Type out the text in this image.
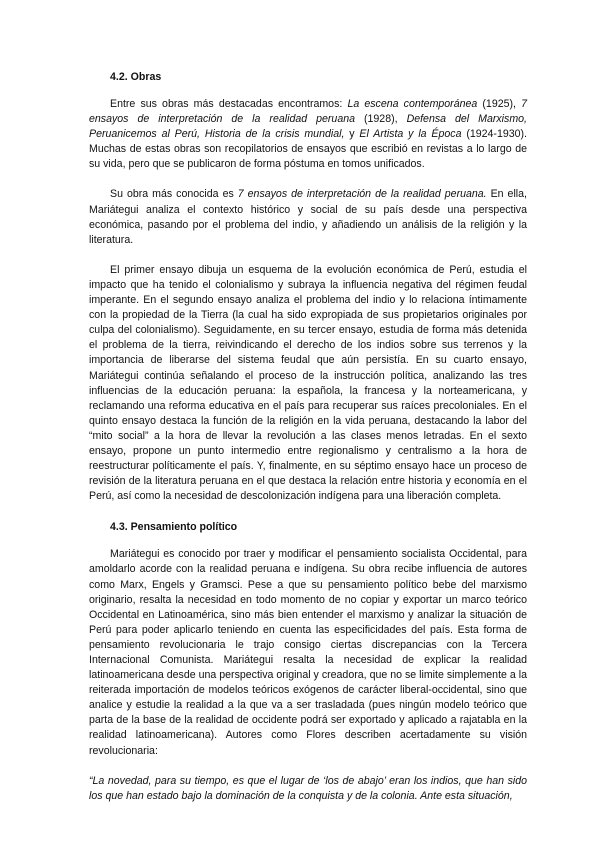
4.2. Obras

Entre sus obras más destacadas encontramos: La escena contemporánea (1925), 7 ensayos de interpretación de la realidad peruana (1928), Defensa del Marxismo, Peruanicemos al Perú, Historia de la crisis mundial, y El Artista y la Época (1924-1930). Muchas de estas obras son recopilatorios de ensayos que escribió en revistas a lo largo de su vida, pero que se publicaron de forma póstuma en tomos unificados.

Su obra más conocida es 7 ensayos de interpretación de la realidad peruana. En ella, Mariátegui analiza el contexto histórico y social de su país desde una perspectiva económica, pasando por el problema del indio, y añadiendo un análisis de la religión y la literatura.

El primer ensayo dibuja un esquema de la evolución económica de Perú, estudia el impacto que ha tenido el colonialismo y subraya la influencia negativa del régimen feudal imperante. En el segundo ensayo analiza el problema del indio y lo relaciona íntimamente con la propiedad de la Tierra (la cual ha sido expropiada de sus propietarios originales por culpa del colonialismo). Seguidamente, en su tercer ensayo, estudia de forma más detenida el problema de la tierra, reivindicando el derecho de los indios sobre sus terrenos y la importancia de liberarse del sistema feudal que aún persistía. En su cuarto ensayo, Mariátegui continúa señalando el proceso de la instrucción política, analizando las tres influencias de la educación peruana: la española, la francesa y la norteamericana, y reclamando una reforma educativa en el país para recuperar sus raíces precoloniales. En el quinto ensayo destaca la función de la religión en la vida peruana, destacando la labor del “mito social” a la hora de llevar la revolución a las clases menos letradas. En el sexto ensayo, propone un punto intermedio entre regionalismo y centralismo a la hora de reestructurar políticamente el país. Y, finalmente, en su séptimo ensayo hace un proceso de revisión de la literatura peruana en el que destaca la relación entre historia y economía en el Perú, así como la necesidad de descolonización indígena para una liberación completa.

4.3. Pensamiento político

Mariátegui es conocido por traer y modificar el pensamiento socialista Occidental, para amoldarlo acorde con la realidad peruana e indígena. Su obra recibe influencia de autores como Marx, Engels y Gramsci. Pese a que su pensamiento político bebe del marxismo originario, resalta la necesidad en todo momento de no copiar y exportar un marco teórico Occidental en Latinoamérica, sino más bien entender el marxismo y analizar la situación de Perú para poder aplicarlo teniendo en cuenta las especificidades del país. Esta forma de pensamiento revolucionaria le trajo consigo ciertas discrepancias con la Tercera Internacional Comunista. Mariátegui resalta la necesidad de explicar la realidad latinoamericana desde una perspectiva original y creadora, que no se limite simplemente a la reiterada importación de modelos teóricos exógenos de carácter liberal-occidental, sino que analice y estudie la realidad a la que va a ser trasladada (pues ningún modelo teórico que parta de la base de la realidad de occidente podrá ser exportado y aplicado a rajatabla en la realidad latinoamericana). Autores como Flores describen acertadamente su visión revolucionaria:

“La novedad, para su tiempo, es que el lugar de ‘los de abajo’ eran los indios, que han sido los que han estado bajo la dominación de la conquista y de la colonia. Ante esta situación,
